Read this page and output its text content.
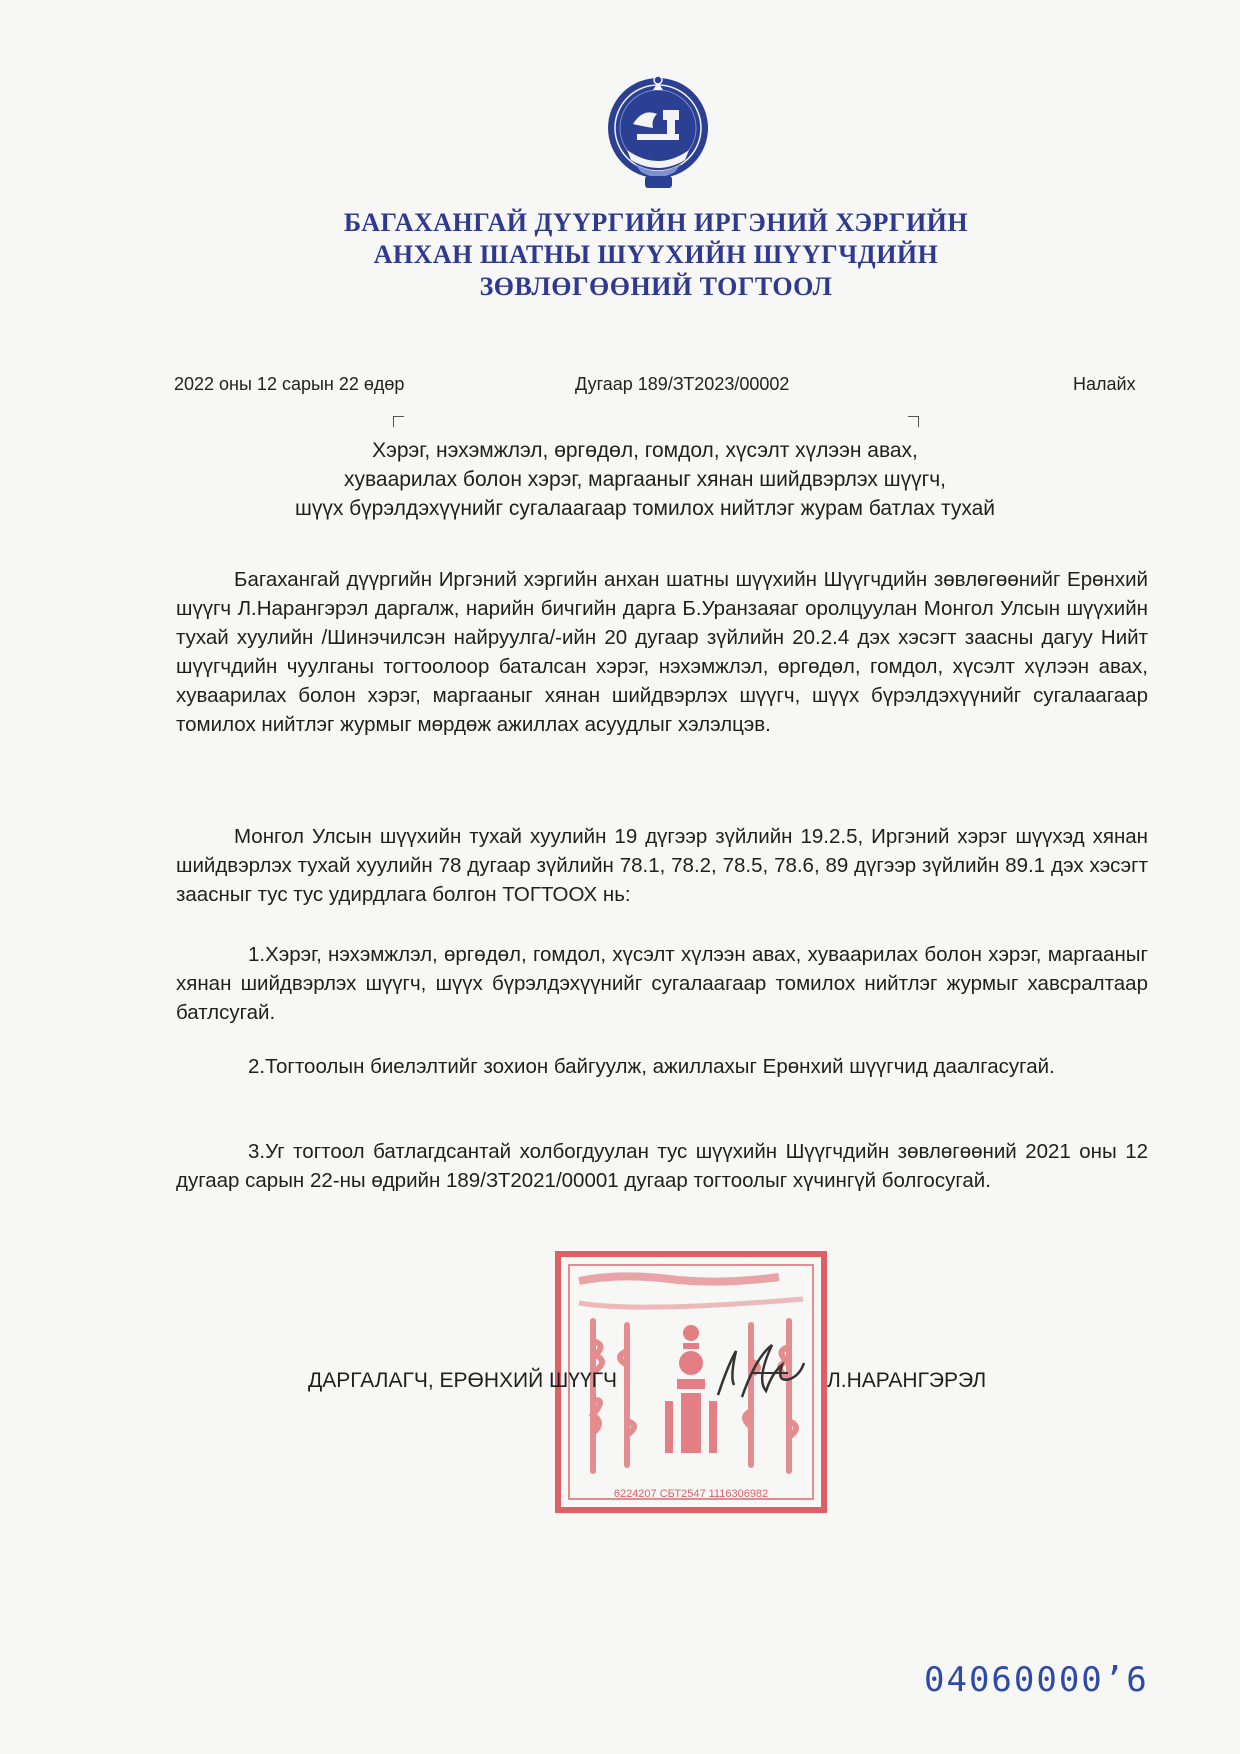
БАГАХАНГАЙ ДҮҮРГИЙН ИРГЭНИЙ ХЭРГИЙН
АНХАН ШАТНЫ ШҮҮХИЙН ШҮҮГЧДИЙН
ЗӨВЛӨГӨӨНИЙ ТОГТООЛ
2022 оны 12 сарын 22 өдөр	Дугаар 189/ЗТ2023/00002	Налайх
Хэрэг, нэхэмжлэл, өргөдөл, гомдол, хүсэлт хүлээн авах,
хуваарилах болон хэрэг, маргааныг хянан шийдвэрлэх шүүгч,
шүүх бүрэлдэхүүнийг сугалаагаар томилох нийтлэг журам батлах тухай

Багахангай дүүргийн Иргэний хэргийн анхан шатны шүүхийн Шүүгчдийн зөвлөгөөнийг Ерөнхий шүүгч Л.Нарангэрэл даргалж, нарийн бичгийн дарга Б.Уранзаяаг оролцуулан Монгол Улсын шүүхийн тухай хуулийн /Шинэчилсэн найруулга/-ийн 20 дугаар зүйлийн 20.2.4 дэх хэсэгт заасны дагуу Нийт шүүгчдийн чуулганы тогтоолоор баталсан хэрэг, нэхэмжлэл, өргөдөл, гомдол, хүсэлт хүлээн авах, хуваарилах болон хэрэг, маргааныг хянан шийдвэрлэх шүүгч, шүүх бүрэлдэхүүнийг сугалаагаар томилох нийтлэг журмыг мөрдөж ажиллах асуудлыг хэлэлцэв.

Монгол Улсын шүүхийн тухай хуулийн 19 дүгээр зүйлийн 19.2.5, Иргэний хэрэг шүүхэд хянан шийдвэрлэх тухай хуулийн 78 дугаар зүйлийн 78.1, 78.2, 78.5, 78.6, 89 дүгээр зүйлийн 89.1 дэх хэсэгт заасныг тус тус удирдлага болгон ТОГТООХ нь:

1.Хэрэг, нэхэмжлэл, өргөдөл, гомдол, хүсэлт хүлээн авах, хуваарилах болон хэрэг, маргааныг хянан шийдвэрлэх шүүгч, шүүх бүрэлдэхүүнийг сугалаагаар томилох нийтлэг журмыг хавсралтаар батлсугай.

2.Тогтоолын биелэлтийг зохион байгуулж, ажиллахыг Ерөнхий шүүгчид даалгасугай.

3.Уг тогтоол батлагдсантай холбогдуулан тус шүүхийн Шүүгчдийн зөвлөгөөний 2021 оны 12 дугаар сарын 22-ны өдрийн 189/ЗТ2021/00001 дугаар тогтоолыг хүчингүй болгосугай.

6224207 СБТ2547 1116306982
ДАРГАЛАГЧ, ЕРӨНХИЙ ШҮҮГЧ	Л.НАРАНГЭРЭЛ
04060000’6
